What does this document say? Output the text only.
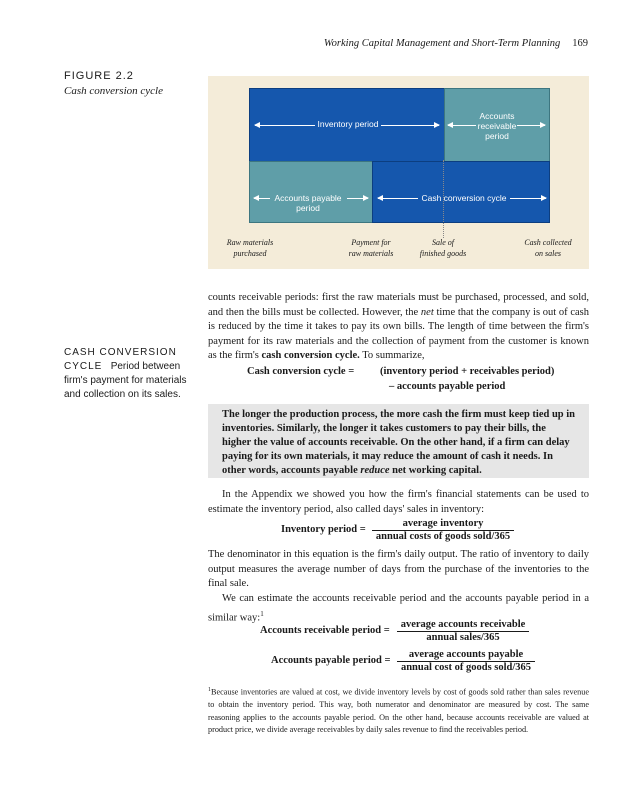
Working Capital Management and Short-Term Planning 169
FIGURE 2.2
Cash conversion cycle
Inventory period
Accounts
receivable
period
Accounts payable
period
Cash conversion cycle
Raw materials
purchased
Payment for
raw materials
Sale of
finished goods
Cash collected
on sales
counts receivable periods: first the raw materials must be purchased, processed, and sold, and then the bills must be collected. However, the net time that the company is out of cash is reduced by the time it takes to pay its own bills. The length of time between the firm's payment for its raw materials and the collection of payment from the customer is known as the firm's cash conversion cycle. To summarize,
CASH CONVERSION CYCLE Period between firm's payment for materials and collection on its sales.
Cash conversion cycle = (inventory period + receivables period)
– accounts payable period
The longer the production process, the more cash the firm must keep tied up in inventories. Similarly, the longer it takes customers to pay their bills, the higher the value of accounts receivable. On the other hand, if a firm can delay paying for its own materials, it may reduce the amount of cash it needs. In other words, accounts payable reduce net working capital.
In the Appendix we showed you how the firm's financial statements can be used to estimate the inventory period, also called days' sales in inventory:
Inventory period =
average inventory
annual costs of goods sold/365
The denominator in this equation is the firm's daily output. The ratio of inventory to daily output measures the average number of days from the purchase of the inventories to the final sale.
We can estimate the accounts receivable period and the accounts payable period in a similar way:$^1$
Accounts receivable period =
average accounts receivable
annual sales/365
Accounts payable period =
average accounts payable
annual cost of goods sold/365
$^1$Because inventories are valued at cost, we divide inventory levels by cost of goods sold rather than sales revenue to obtain the inventory period. This way, both numerator and denominator are measured by cost. The same reasoning applies to the accounts payable period. On the other hand, because accounts receivable are valued at product price, we divide average receivables by daily sales revenue to find the receivables period.
